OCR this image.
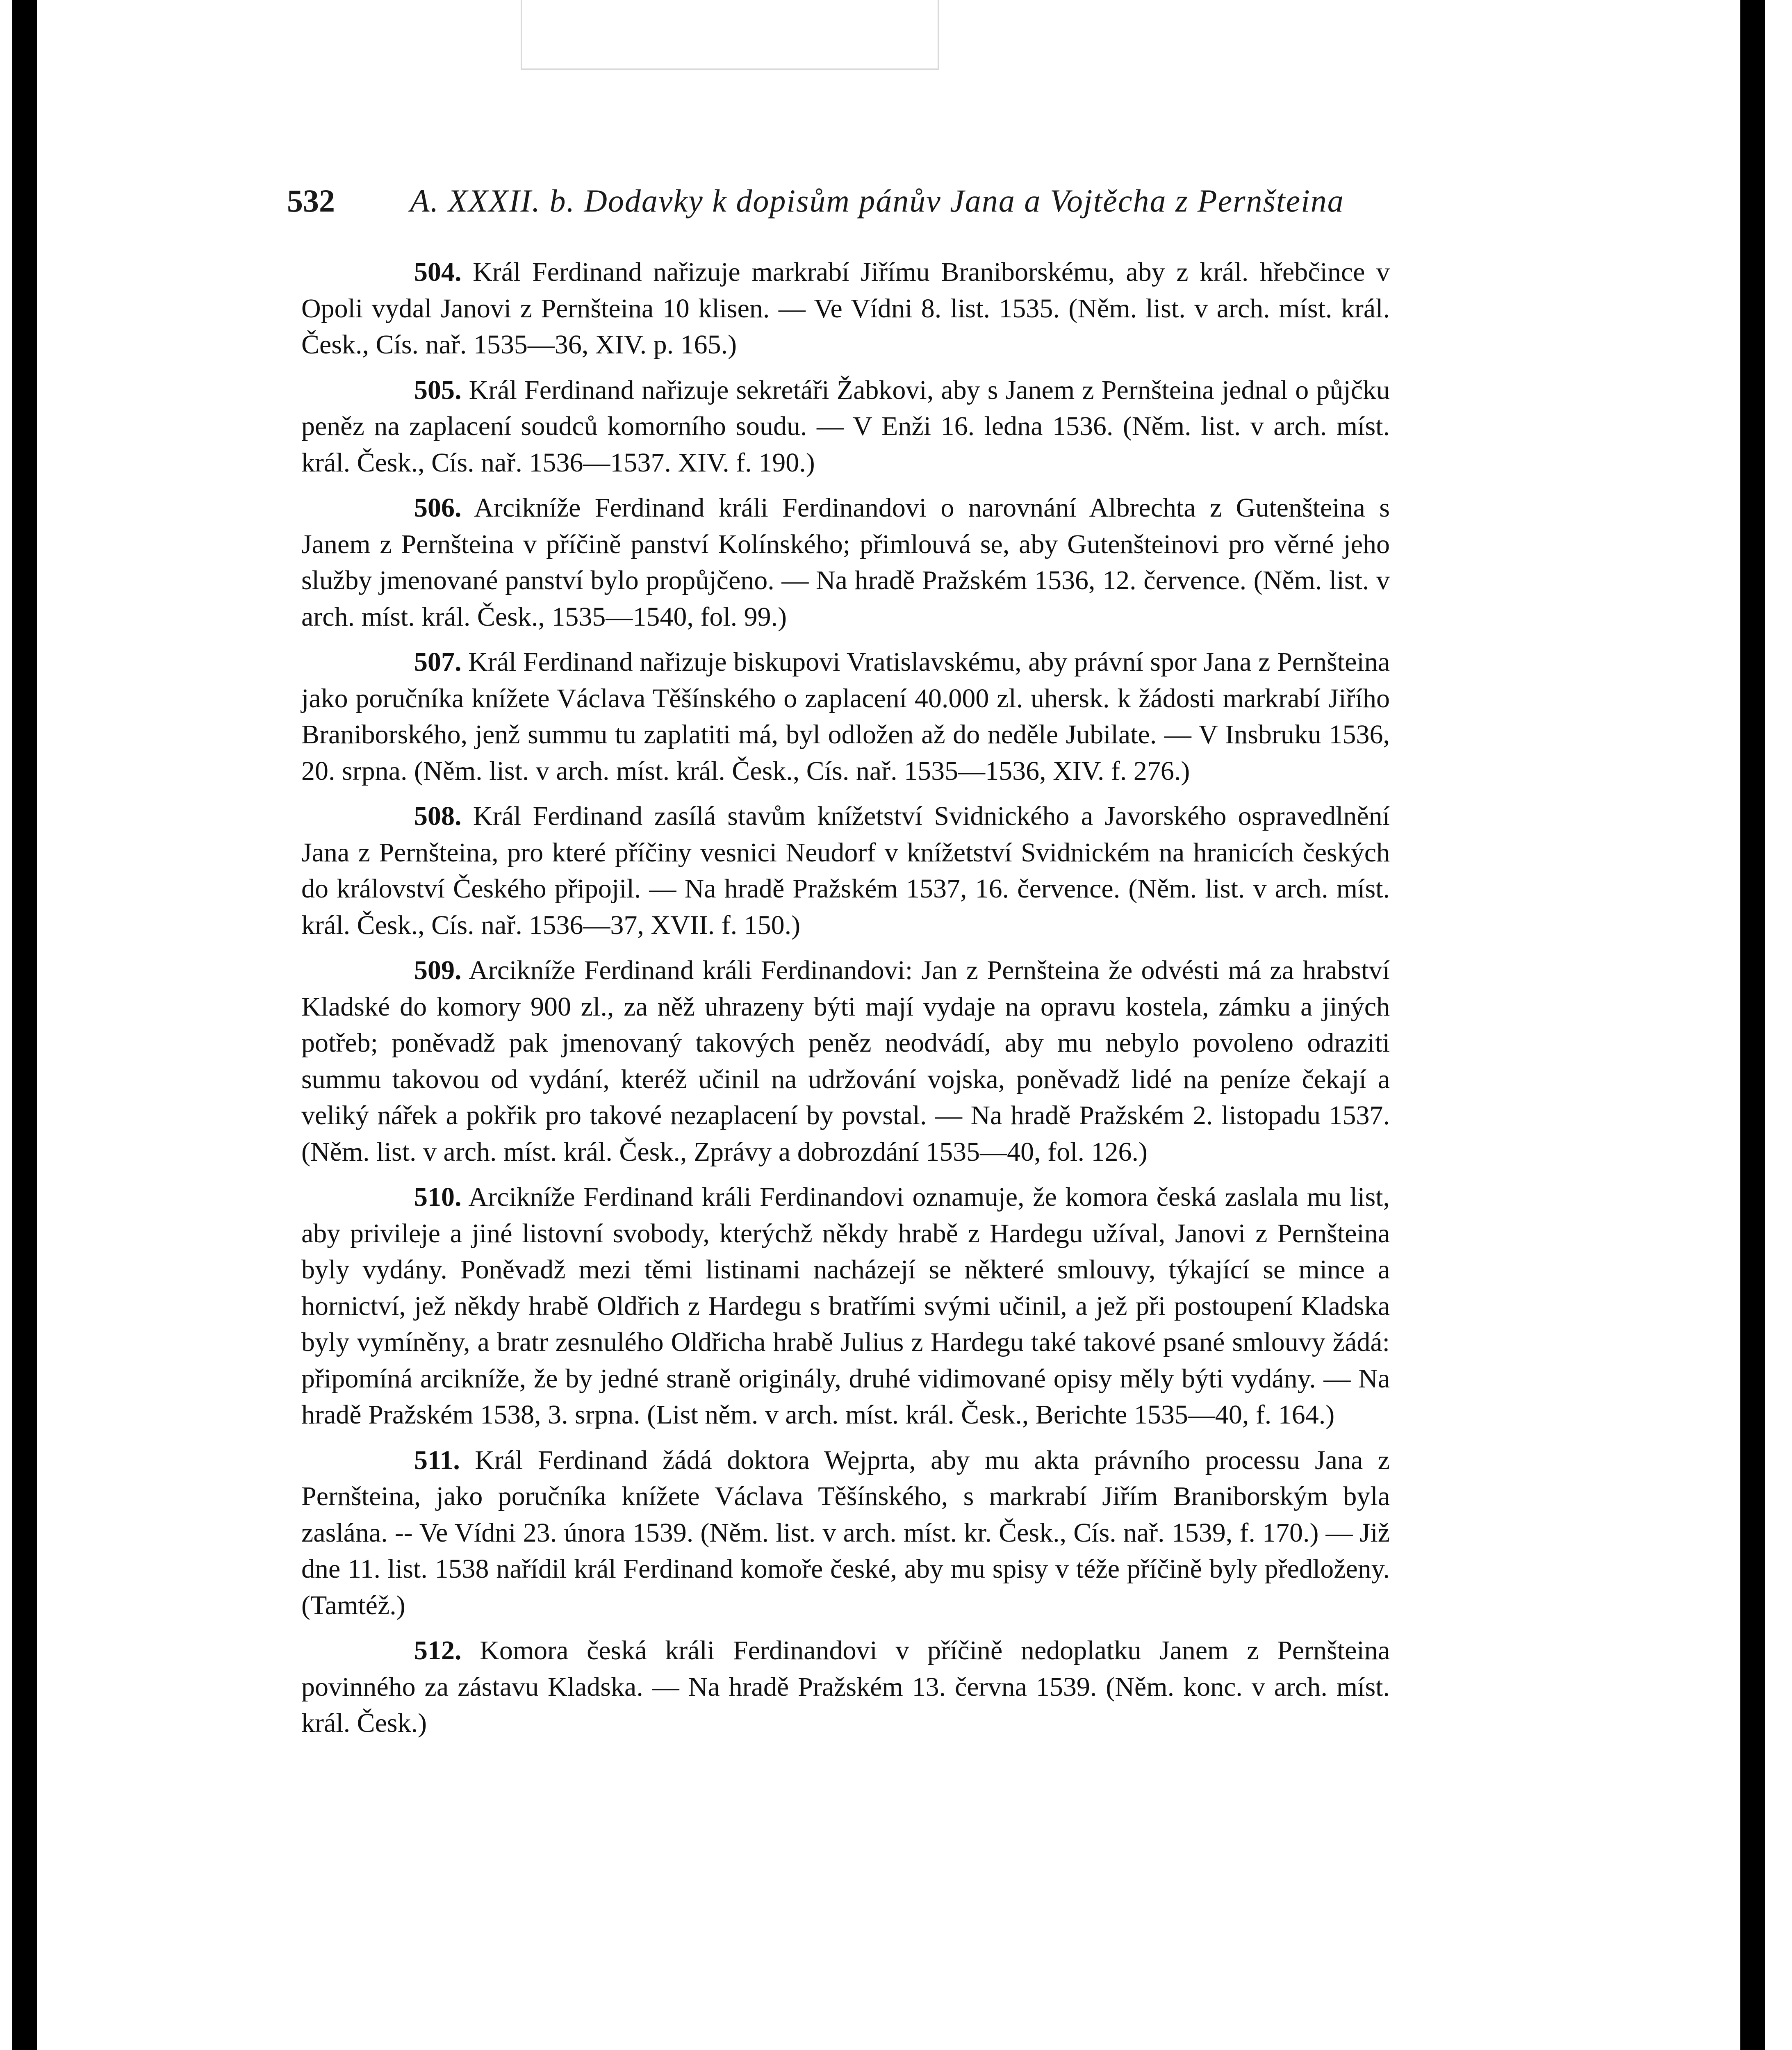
532	A. XXXII. b. Dodavky k dopisům pánův Jana a Vojtěcha z Pernšteina

504. Král Ferdinand nařizuje markrabí Jiřímu Braniborskému, aby z král. hřebčince v Opoli vydal Janovi z Pernšteina 10 klisen. — Ve Vídni 8. list. 1535. (Něm. list. v arch. míst. král. Česk., Cís. nař. 1535—36, XIV. p. 165.)

505. Král Ferdinand nařizuje sekretáři Žabkovi, aby s Janem z Pernšteina jednal o půjčku peněz na zaplacení soudců komorního soudu. — V Enži 16. ledna 1536. (Něm. list. v arch. míst. král. Česk., Cís. nař. 1536—1537. XIV. f. 190.)

506. Arcikníže Ferdinand králi Ferdinandovi o narovnání Albrechta z Gutenšteina s Janem z Pernšteina v příčině panství Kolínského; přimlouvá se, aby Gutenšteinovi pro věrné jeho služby jmenované panství bylo propůjčeno. — Na hradě Pražském 1536, 12. července. (Něm. list. v arch. míst. král. Česk., 1535—1540, fol. 99.)

507. Král Ferdinand nařizuje biskupovi Vratislavskému, aby právní spor Jana z Pernšteina jako poručníka knížete Václava Těšínského o zaplacení 40.000 zl. uhersk. k žádosti markrabí Jiřího Braniborského, jenž summu tu zaplatiti má, byl odložen až do neděle Jubilate. — V Insbruku 1536, 20. srpna. (Něm. list. v arch. míst. král. Česk., Cís. nař. 1535—1536, XIV. f. 276.)

508. Král Ferdinand zasílá stavům knížetství Svidnického a Javorského ospravedlnění Jana z Pernšteina, pro které příčiny vesnici Neudorf v knížetství Svidnickém na hranicích českých do království Českého připojil. — Na hradě Pražském 1537, 16. července. (Něm. list. v arch. míst. král. Česk., Cís. nař. 1536—37, XVII. f. 150.)

509. Arcikníže Ferdinand králi Ferdinandovi: Jan z Pernšteina že odvésti má za hrabství Kladské do komory 900 zl., za něž uhrazeny býti mají vydaje na opravu kostela, zámku a jiných potřeb; poněvadž pak jmenovaný takových peněz neodvádí, aby mu nebylo povoleno odraziti summu takovou od vydání, kteréž učinil na udržování vojska, poněvadž lidé na peníze čekají a veliký nářek a pokřik pro takové nezaplacení by povstal. — Na hradě Pražském 2. listopadu 1537. (Něm. list. v arch. míst. král. Česk., Zprávy a dobrozdání 1535—40, fol. 126.)

510. Arcikníže Ferdinand králi Ferdinandovi oznamuje, že komora česká zaslala mu list, aby privileje a jiné listovní svobody, kterýchž někdy hrabě z Hardegu užíval, Janovi z Pernšteina byly vydány. Poněvadž mezi těmi listinami nacházejí se některé smlouvy, týkající se mince a hornictví, jež někdy hrabě Oldřich z Hardegu s bratřími svými učinil, a jež při postoupení Kladska byly vymíněny, a bratr zesnulého Oldřicha hrabě Julius z Hardegu také takové psané smlouvy žádá: připomíná arcikníže, že by jedné straně originály, druhé vidimované opisy měly býti vydány. — Na hradě Pražském 1538, 3. srpna. (List něm. v arch. míst. král. Česk., Berichte 1535—40, f. 164.)

511. Král Ferdinand žádá doktora Wejprta, aby mu akta právního processu Jana z Pernšteina, jako poručníka knížete Václava Těšínského, s markrabí Jiřím Braniborským byla zaslána. -- Ve Vídni 23. února 1539. (Něm. list. v arch. míst. kr. Česk., Cís. nař. 1539, f. 170.) — Již dne 11. list. 1538 nařídil král Ferdinand komoře české, aby mu spisy v téže příčině byly předloženy. (Tamtéž.)

512. Komora česká králi Ferdinandovi v příčině nedoplatku Janem z Pernšteina povinného za zástavu Kladska. — Na hradě Pražském 13. června 1539. (Něm. konc. v arch. míst. král. Česk.)
